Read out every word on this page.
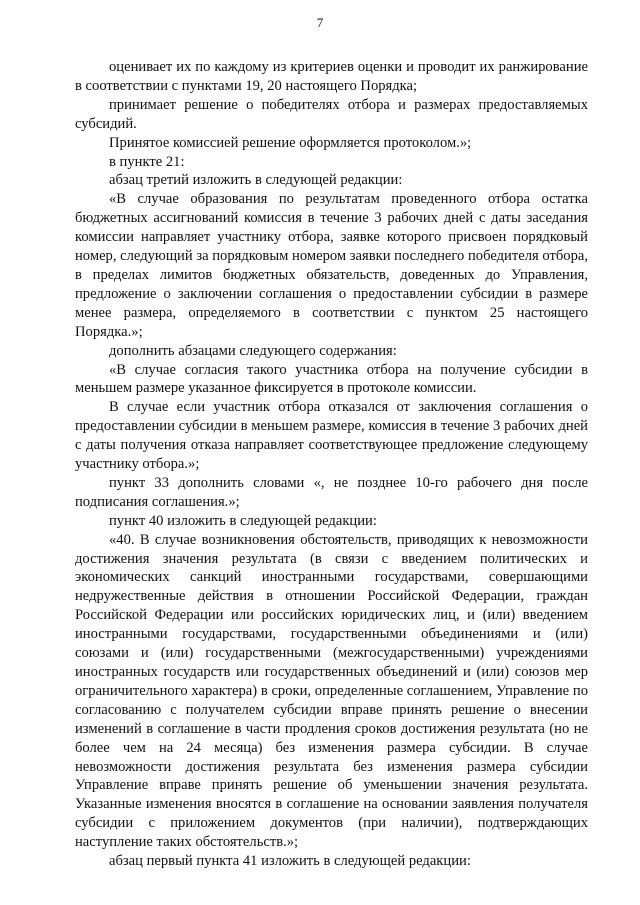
7

оценивает их по каждому из критериев оценки и проводит их ранжирование в соответствии с пунктами 19, 20 настоящего Порядка;

принимает решение о победителях отбора и размерах предоставляемых субсидий.

Принятое комиссией решение оформляется протоколом.»;

в пункте 21:

абзац третий изложить в следующей редакции:

«В случае образования по результатам проведенного отбора остатка бюджетных ассигнований комиссия в течение 3 рабочих дней с даты заседания комиссии направляет участнику отбора, заявке которого присвоен порядковый номер, следующий за порядковым номером заявки последнего победителя отбора, в пределах лимитов бюджетных обязательств, доведенных до Управления, предложение о заключении соглашения о предоставлении субсидии в размере менее размера, определяемого в соответствии с пунктом 25 настоящего Порядка.»;

дополнить абзацами следующего содержания:

«В случае согласия такого участника отбора на получение субсидии в меньшем размере указанное фиксируется в протоколе комиссии.

В случае если участник отбора отказался от заключения соглашения о предоставлении субсидии в меньшем размере, комиссия в течение 3 рабочих дней с даты получения отказа направляет соответствующее предложение следующему участнику отбора.»;

пункт 33 дополнить словами «, не позднее 10-го рабочего дня после подписания соглашения.»;

пункт 40 изложить в следующей редакции:

«40. В случае возникновения обстоятельств, приводящих к невозможности достижения значения результата (в связи с введением политических и экономических санкций иностранными государствами, совершающими недружественные действия в отношении Российской Федерации, граждан Российской Федерации или российских юридических лиц, и (или) введением иностранными государствами, государственными объединениями и (или) союзами и (или) государственными (межгосударственными) учреждениями иностранных государств или государственных объединений и (или) союзов мер ограничительного характера) в сроки, определенные соглашением, Управление по согласованию с получателем субсидии вправе принять решение о внесении изменений в соглашение в части продления сроков достижения результата (но не более чем на 24 месяца) без изменения размера субсидии. В случае невозможности достижения результата без изменения размера субсидии Управление вправе принять решение об уменьшении значения результата. Указанные изменения вносятся в соглашение на основании заявления получателя субсидии с приложением документов (при наличии), подтверждающих наступление таких обстоятельств.»;

абзац первый пункта 41 изложить в следующей редакции:
